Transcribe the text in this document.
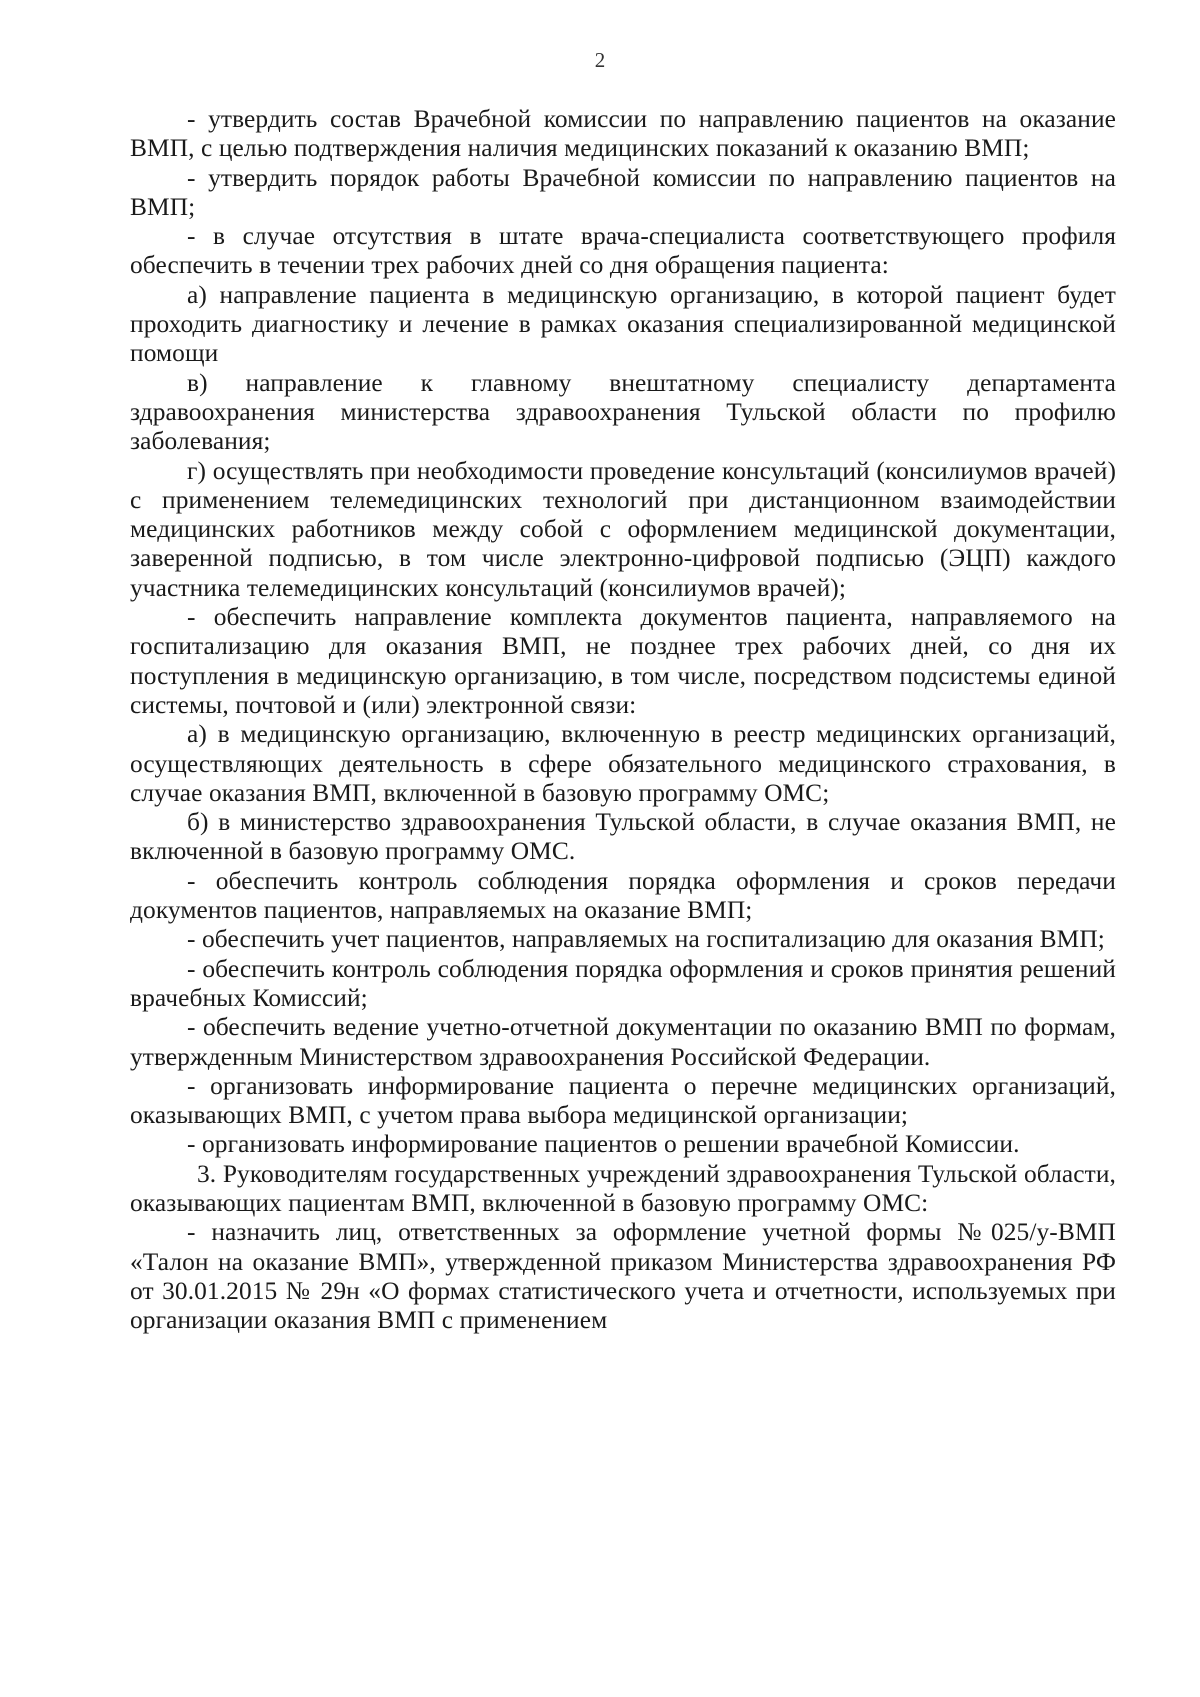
2

- утвердить состав Врачебной комиссии по направлению пациентов на оказание ВМП, с целью подтверждения наличия медицинских показаний к оказанию ВМП;

- утвердить порядок работы Врачебной комиссии по направлению пациентов на ВМП;

- в случае отсутствия в штате врача-специалиста соответствующего профиля обеспечить в течении трех рабочих дней со дня обращения пациента:

а) направление пациента в медицинскую организацию, в которой пациент будет проходить диагностику и лечение в рамках оказания специализированной медицинской помощи

в) направление к главному внештатному специалисту департамента здравоохранения министерства здравоохранения Тульской области по профилю заболевания;

г) осуществлять при необходимости проведение консультаций (консилиумов врачей) с применением телемедицинских технологий при дистанционном взаимодействии медицинских работников между собой с оформлением медицинской документации, заверенной подписью, в том числе электронно-цифровой подписью (ЭЦП) каждого участника телемедицинских консультаций (консилиумов врачей);

- обеспечить направление комплекта документов пациента, направляемого на госпитализацию для оказания ВМП, не позднее трех рабочих дней, со дня их поступления в медицинскую организацию, в том числе, посредством подсистемы единой системы, почтовой и (или) электронной связи:

а) в медицинскую организацию, включенную в реестр медицинских организаций, осуществляющих деятельность в сфере обязательного медицинского страхования, в случае оказания ВМП, включенной в базовую программу ОМС;

б) в министерство здравоохранения Тульской области, в случае оказания ВМП, не включенной в базовую программу ОМС.

- обеспечить контроль соблюдения порядка оформления и сроков передачи документов пациентов, направляемых на оказание ВМП;

- обеспечить учет пациентов, направляемых на госпитализацию для оказания ВМП;

- обеспечить контроль соблюдения порядка оформления и сроков принятия решений врачебных Комиссий;

- обеспечить ведение учетно-отчетной документации по оказанию ВМП по формам, утвержденным Министерством здравоохранения Российской Федерации.

- организовать информирование пациента о перечне медицинских организаций, оказывающих ВМП, с учетом права выбора медицинской организации;

- организовать информирование пациентов о решении врачебной Комиссии.

3. Руководителям государственных учреждений здравоохранения Тульской области, оказывающих пациентам ВМП, включенной в базовую программу ОМС:

- назначить лиц, ответственных за оформление учетной формы №025/у-ВМП «Талон на оказание ВМП», утвержденной приказом Министерства здравоохранения РФ от 30.01.2015 № 29н «О формах статистического учета и отчетности, используемых при организации оказания ВМП с применением
